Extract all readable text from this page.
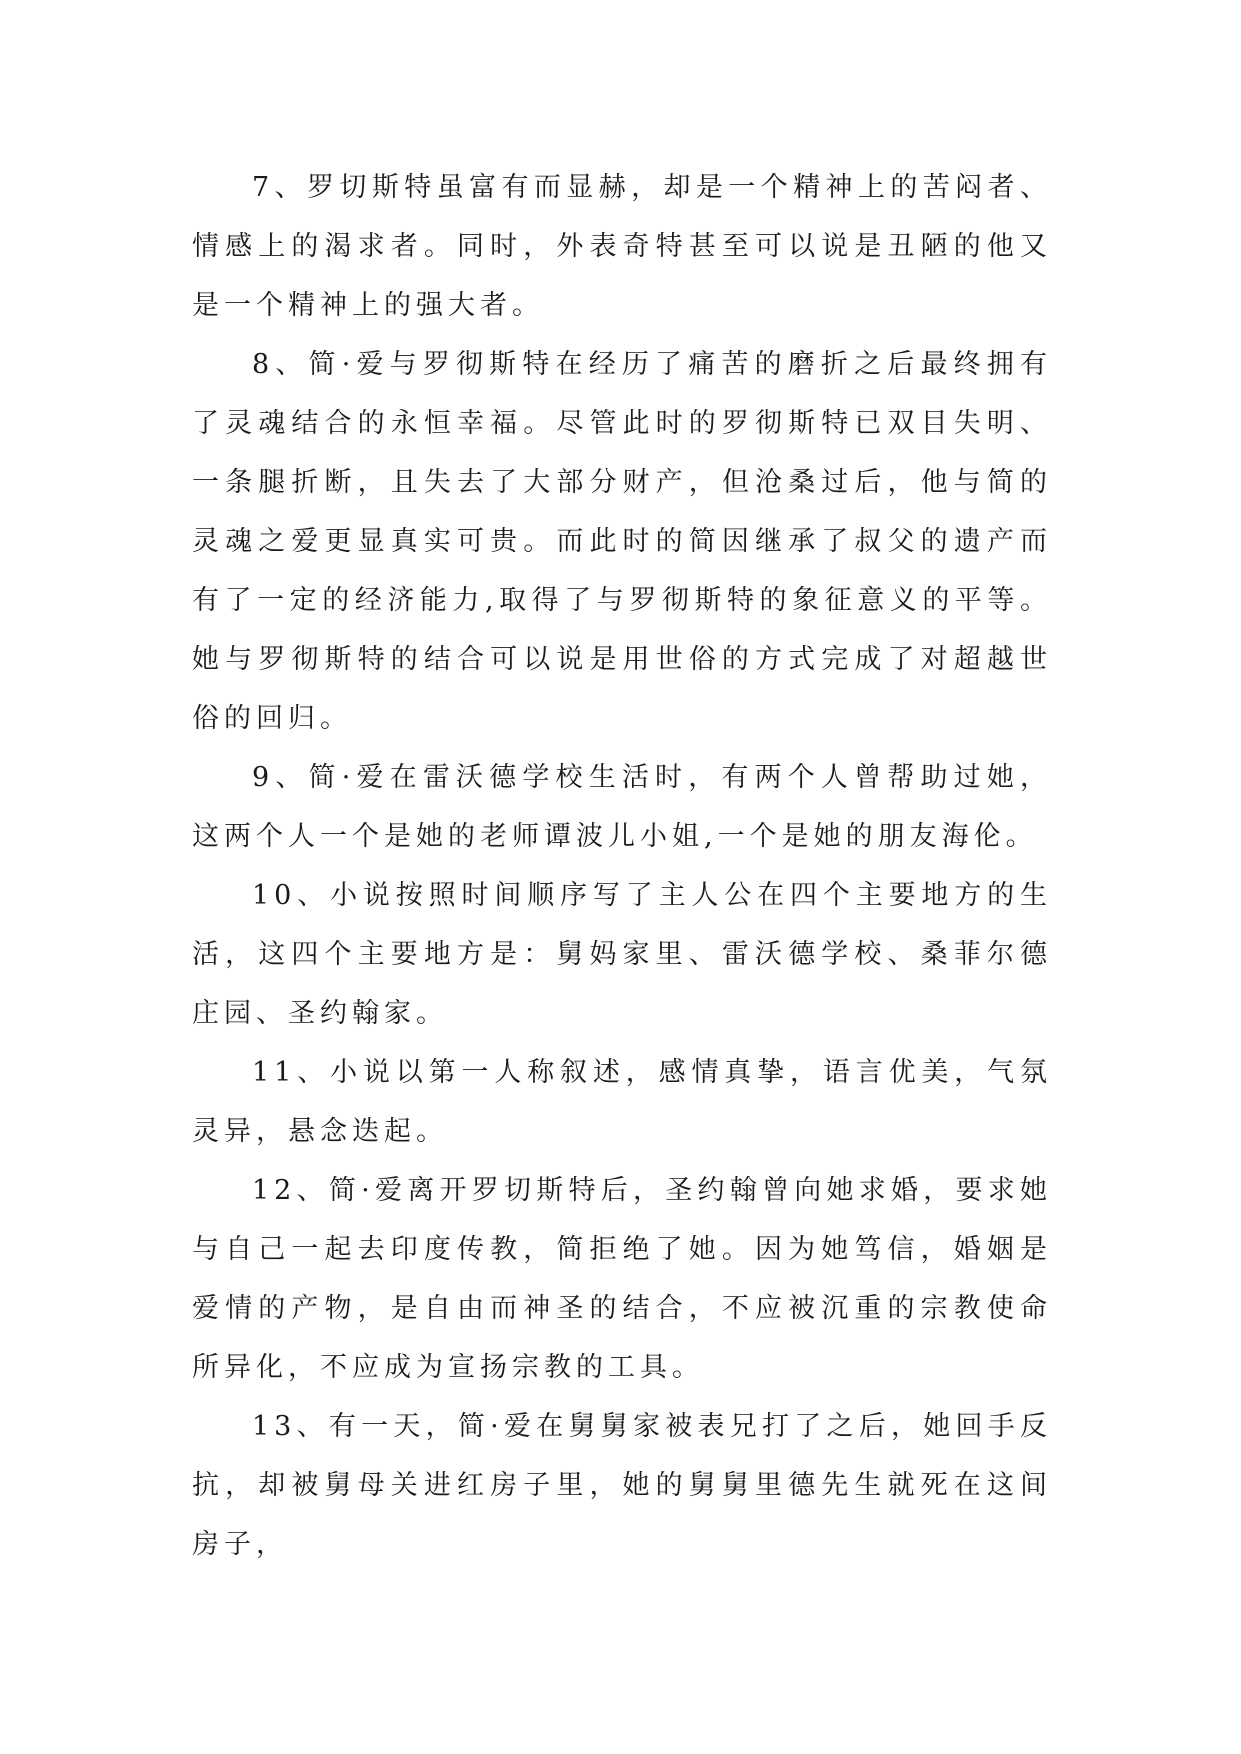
7、罗切斯特虽富有而显赫，却是一个精神上的苦闷者、情感上的渴求者。同时，外表奇特甚至可以说是丑陋的他又是一个精神上的强大者。

8、简·爱与罗彻斯特在经历了痛苦的磨折之后最终拥有了灵魂结合的永恒幸福。尽管此时的罗彻斯特已双目失明、一条腿折断，且失去了大部分财产，但沧桑过后，他与简的灵魂之爱更显真实可贵。而此时的简因继承了叔父的遗产而有了一定的经济能力,取得了与罗彻斯特的象征意义的平等。她与罗彻斯特的结合可以说是用世俗的方式完成了对超越世俗的回归。

9、简·爱在雷沃德学校生活时，有两个人曾帮助过她，这两个人一个是她的老师谭波儿小姐,一个是她的朋友海伦。

10、小说按照时间顺序写了主人公在四个主要地方的生活，这四个主要地方是：舅妈家里、雷沃德学校、桑菲尔德庄园、圣约翰家。

11、小说以第一人称叙述，感情真挚，语言优美，气氛灵异，悬念迭起。

12、简·爱离开罗切斯特后，圣约翰曾向她求婚，要求她与自己一起去印度传教，简拒绝了她。因为她笃信，婚姻是爱情的产物，是自由而神圣的结合，不应被沉重的宗教使命所异化，不应成为宣扬宗教的工具。

13、有一天，简·爱在舅舅家被表兄打了之后，她回手反抗，却被舅母关进红房子里，她的舅舅里德先生就死在这间房子，
